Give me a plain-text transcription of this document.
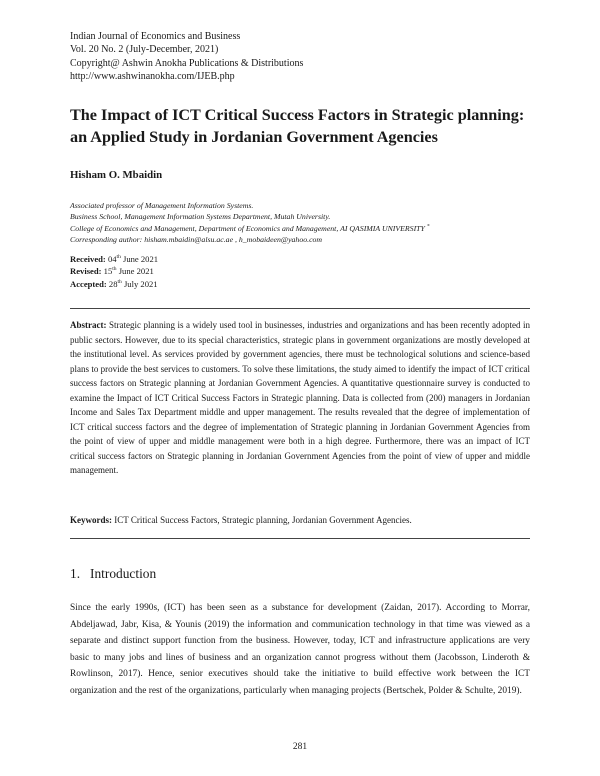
Indian Journal of Economics and Business
Vol. 20 No. 2 (July-December, 2021)
Copyright@ Ashwin Anokha Publications & Distributions
http://www.ashwinanokha.com/IJEB.php
The Impact of ICT Critical Success Factors in Strategic planning: an Applied Study in Jordanian Government Agencies
Hisham O. Mbaidin
Associated professor of Management Information Systems.
Business School, Management Information Systems Department, Mutah University.
College of Economics and Management, Department of Economics and Management, AI QASIMIA UNIVERSITY *
Corresponding author: hisham.mbaidin@alsu.ac.ae , h_mobaideen@yahoo.com
Received: 04th June 2021
Revised: 15th June 2021
Accepted: 28th July 2021
Abstract: Strategic planning is a widely used tool in businesses, industries and organizations and has been recently adopted in public sectors. However, due to its special characteristics, strategic plans in government organizations are mostly developed at the institutional level. As services provided by government agencies, there must be technological solutions and science-based plans to provide the best services to customers. To solve these limitations, the study aimed to identify the impact of ICT critical success factors on Strategic planning at Jordanian Government Agencies. A quantitative questionnaire survey is conducted to examine the Impact of ICT Critical Success Factors in Strategic planning. Data is collected from (200) managers in Jordanian Income and Sales Tax Department middle and upper management. The results revealed that the degree of implementation of ICT critical success factors and the degree of implementation of Strategic planning in Jordanian Government Agencies from the point of view of upper and middle management were both in a high degree. Furthermore, there was an impact of ICT critical success factors on Strategic planning in Jordanian Government Agencies from the point of view of upper and middle management.
Keywords: ICT Critical Success Factors, Strategic planning, Jordanian Government Agencies.
1. Introduction
Since the early 1990s, (ICT) has been seen as a substance for development (Zaidan, 2017). According to Morrar, Abdeljawad, Jabr, Kisa, & Younis (2019) the information and communication technology in that time was viewed as a separate and distinct support function from the business. However, today, ICT and infrastructure applications are very basic to many jobs and lines of business and an organization cannot progress without them (Jacobsson, Linderoth & Rowlinson, 2017). Hence, senior executives should take the initiative to build effective work between the ICT organization and the rest of the organizations, particularly when managing projects (Bertschek, Polder & Schulte, 2019).
281
